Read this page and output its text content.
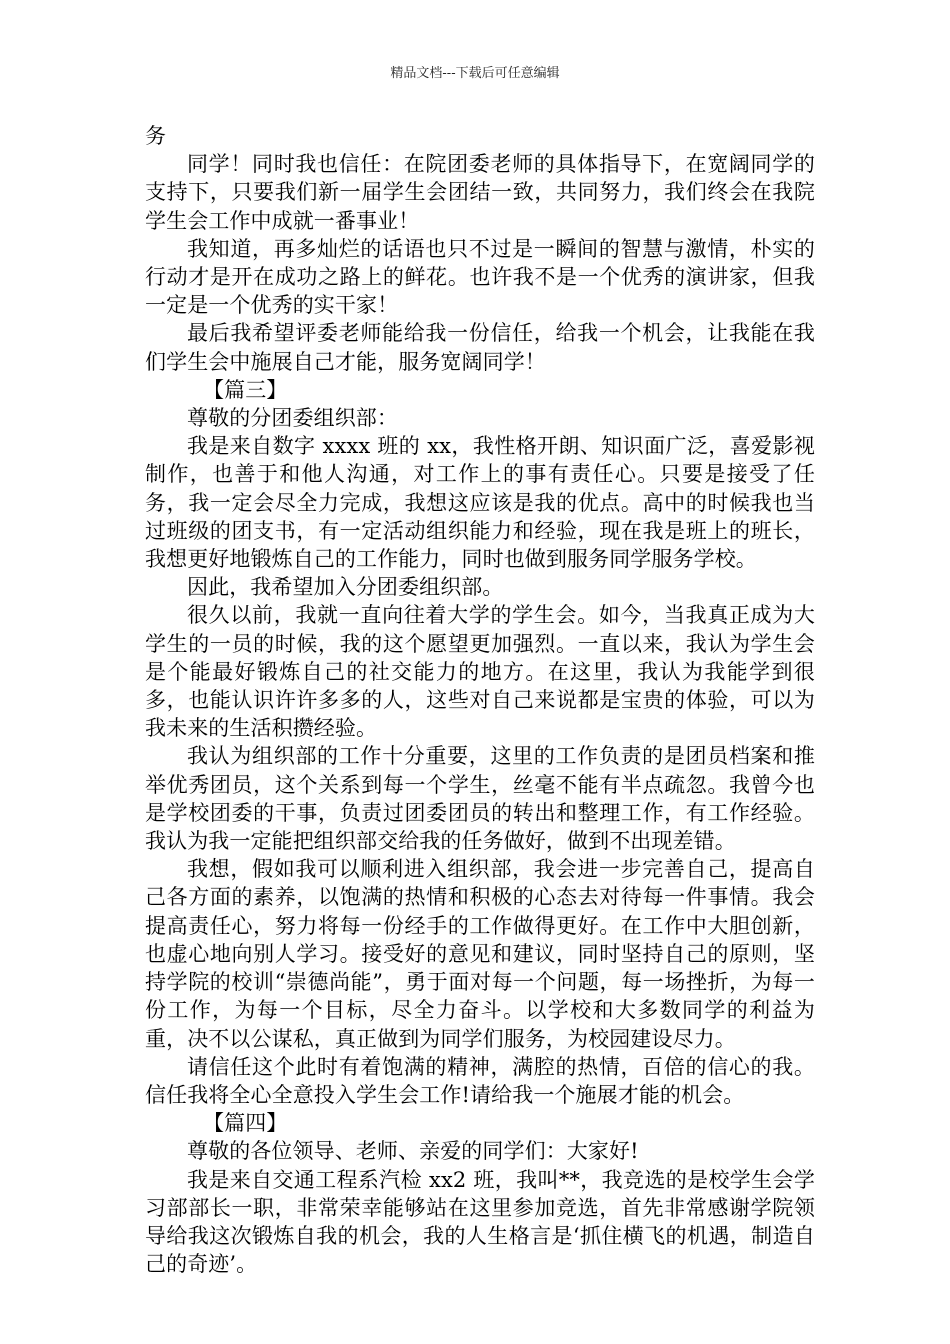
精品文档---下载后可任意编辑

务

同学！同时我也信任：在院团委老师的具体指导下，在宽阔同学的支持下，只要我们新一届学生会团结一致，共同努力，我们终会在我院学生会工作中成就一番事业！

我知道，再多灿烂的话语也只不过是一瞬间的智慧与激情，朴实的行动才是开在成功之路上的鲜花。也许我不是一个优秀的演讲家，但我一定是一个优秀的实干家！

最后我希望评委老师能给我一份信任，给我一个机会，让我能在我们学生会中施展自己才能，服务宽阔同学！

【篇三】

尊敬的分团委组织部：

我是来自数字 xxxx 班的 xx，我性格开朗、知识面广泛，喜爱影视制作，也善于和他人沟通，对工作上的事有责任心。只要是接受了任务，我一定会尽全力完成，我想这应该是我的优点。高中的时候我也当过班级的团支书，有一定活动组织能力和经验，现在我是班上的班长，我想更好地锻炼自己的工作能力，同时也做到服务同学服务学校。

因此，我希望加入分团委组织部。

很久以前，我就一直向往着大学的学生会。如今，当我真正成为大学生的一员的时候，我的这个愿望更加强烈。一直以来，我认为学生会是个能最好锻炼自己的社交能力的地方。在这里，我认为我能学到很多，也能认识许许多多的人，这些对自己来说都是宝贵的体验，可以为我未来的生活积攒经验。

我认为组织部的工作十分重要，这里的工作负责的是团员档案和推举优秀团员，这个关系到每一个学生，丝毫不能有半点疏忽。我曾今也是学校团委的干事，负责过团委团员的转出和整理工作，有工作经验。我认为我一定能把组织部交给我的任务做好，做到不出现差错。

我想，假如我可以顺利进入组织部，我会进一步完善自己，提高自己各方面的素养，以饱满的热情和积极的心态去对待每一件事情。我会提高责任心，努力将每一份经手的工作做得更好。在工作中大胆创新，也虚心地向别人学习。接受好的意见和建议，同时坚持自己的原则，坚持学院的校训“崇德尚能”，勇于面对每一个问题，每一场挫折，为每一份工作，为每一个目标，尽全力奋斗。以学校和大多数同学的利益为重，决不以公谋私，真正做到为同学们服务，为校园建设尽力。

请信任这个此时有着饱满的精神，满腔的热情，百倍的信心的我。信任我将全心全意投入学生会工作!请给我一个施展才能的机会。

【篇四】

尊敬的各位领导、老师、亲爱的同学们：大家好!

我是来自交通工程系汽检 xx2 班，我叫**，我竞选的是校学生会学习部部长一职，非常荣幸能够站在这里参加竞选，首先非常感谢学院领导给我这次锻炼自我的机会，我的人生格言是‘抓住横飞的机遇，制造自己的奇迹’。
